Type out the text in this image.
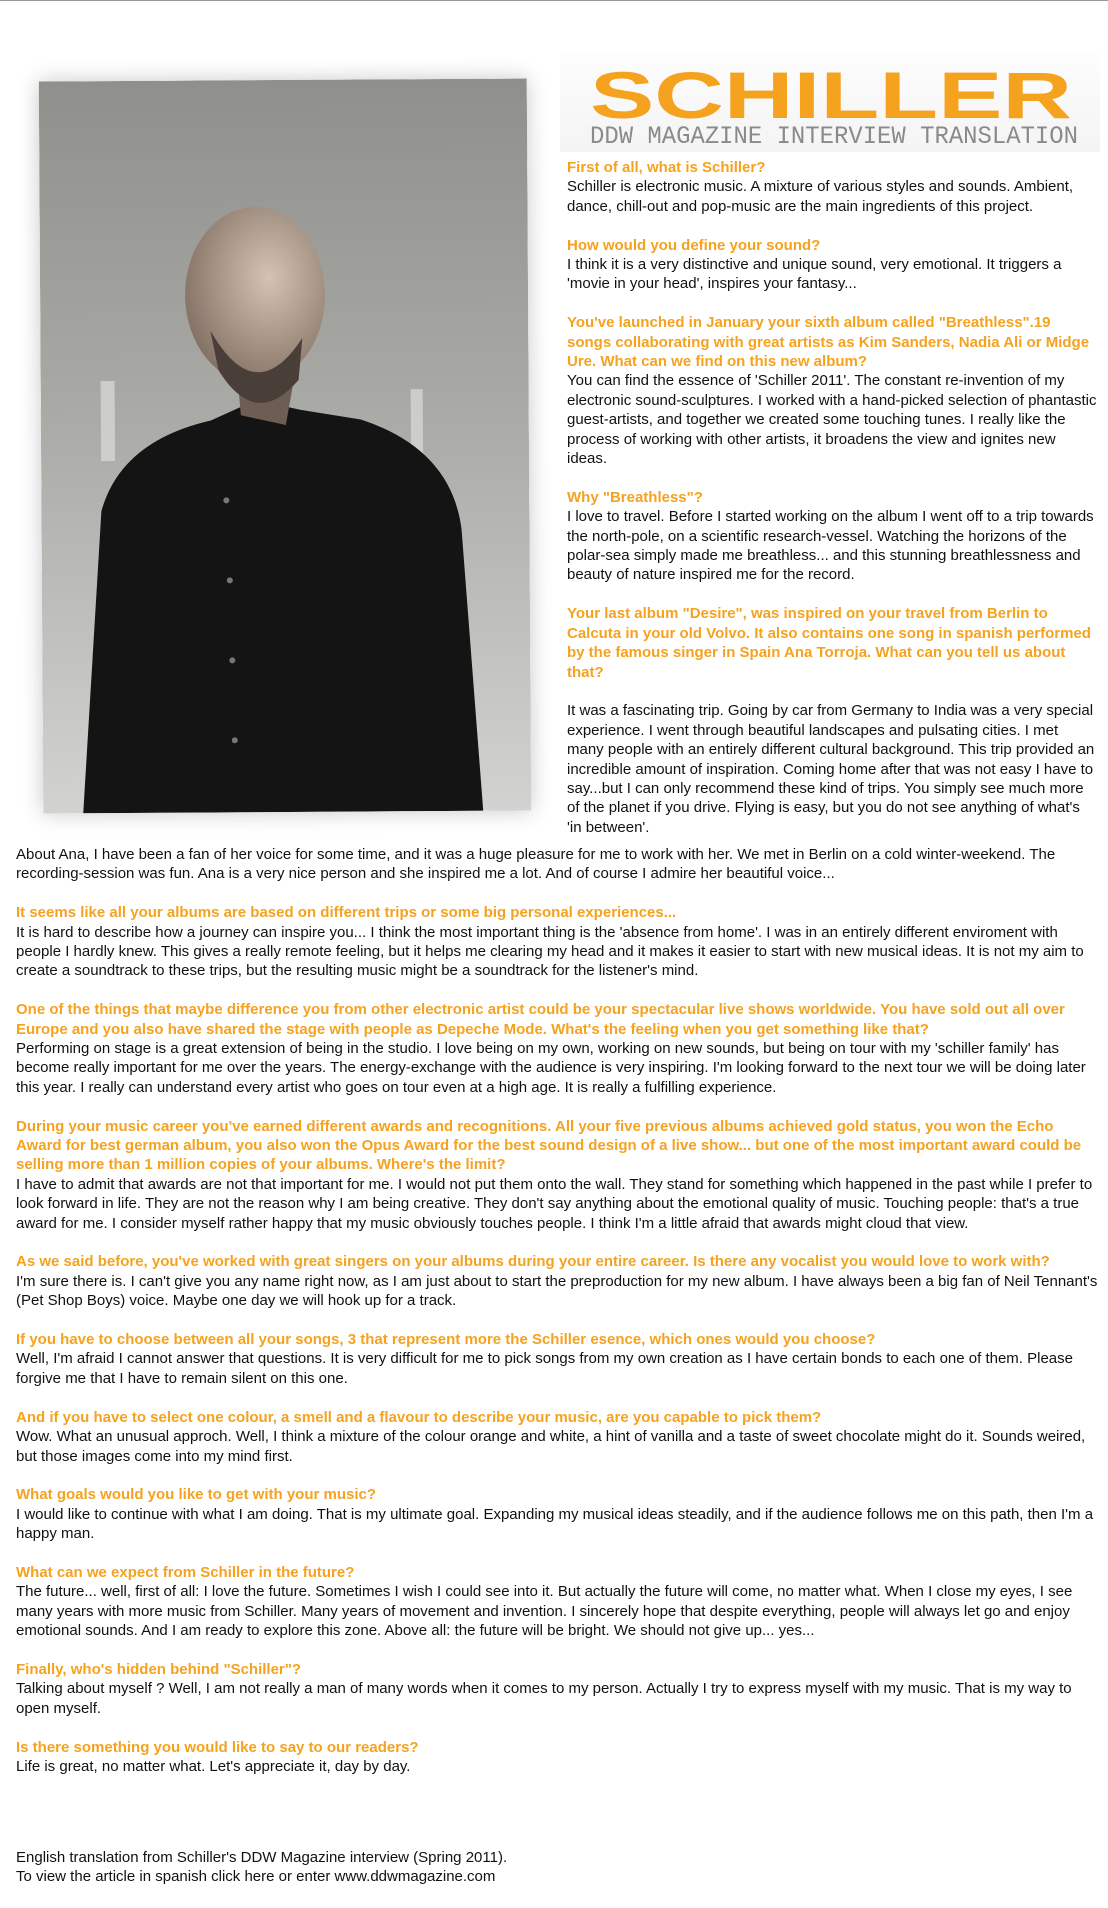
SCHILLER
DDW MAGAZINE INTERVIEW TRANSLATION

First of all, what is Schiller?

Schiller is electronic music. A mixture of various styles and sounds. Ambient, dance, chill-out and pop-music are the main ingredients of this project.

How would you define your sound?

I think it is a very distinctive and unique sound, very emotional. It triggers a 'movie in your head', inspires your fantasy...

You've launched in January your sixth album called "Breathless".19 songs collaborating with great artists as Kim Sanders, Nadia Ali or Midge Ure. What can we find on this new album?

You can find the essence of 'Schiller 2011'. The constant re-invention of my electronic sound-sculptures. I worked with a hand-picked selection of phantastic guest-artists, and together we created some touching tunes. I really like the process of working with other artists, it broadens the view and ignites new ideas.

Why "Breathless"?

I love to travel. Before I started working on the album I went off to a trip towards the north-pole, on a scientific research-vessel. Watching the horizons of the polar-sea simply made me breathless... and this stunning breathlessness and beauty of nature inspired me for the record.

Your last album "Desire", was inspired on your travel from Berlin to Calcuta in your old Volvo. It also contains one song in spanish performed by the famous singer in Spain Ana Torroja. What can you tell us about that?

It was a fascinating trip. Going by car from Germany to India was a very special experience. I went through beautiful landscapes and pulsating cities. I met many people with an entirely different cultural background. This trip provided an incredible amount of inspiration. Coming home after that was not easy I have to say...but I can only recommend these kind of trips. You simply see much more of the planet if you drive. Flying is easy, but you do not see anything of what's 'in between'.

About Ana, I have been a fan of her voice for some time, and it was a huge pleasure for me to work with her. We met in Berlin on a cold winter-weekend. The recording-session was fun. Ana is a very nice person and she inspired me a lot. And of course I admire her beautiful voice...

It seems like all your albums are based on different trips or some big personal experiences...

It is hard to describe how a journey can inspire you... I think the most important thing is the 'absence from home'. I was in an entirely different enviroment with people I hardly knew. This gives a really remote feeling, but it helps me clearing my head and it makes it easier to start with new musical ideas. It is not my aim to create a soundtrack to these trips, but the resulting music might be a soundtrack for the listener's mind.

One of the things that maybe difference you from other electronic artist could be your spectacular live shows worldwide. You have sold out all over Europe and you also have shared the stage with people as Depeche Mode. What's the feeling when you get something like that?

Performing on stage is a great extension of being in the studio. I love being on my own, working on new sounds, but being on tour with my 'schiller family' has become really important for me over the years. The energy-exchange with the audience is very inspiring. I'm looking forward to the next tour we will be doing later this year. I really can understand every artist who goes on tour even at a high age. It is really a fulfilling experience.

During your music career you've earned different awards and recognitions. All your five previous albums achieved gold status, you won the Echo Award for best german album, you also won the Opus Award for the best sound design of a live show... but one of the most important award could be selling more than 1 million copies of your albums. Where's the limit?

I have to admit that awards are not that important for me. I would not put them onto the wall. They stand for something which happened in the past while I prefer to look forward in life. They are not the reason why I am being creative. They don't say anything about the emotional quality of music. Touching people: that's a true award for me. I consider myself rather happy that my music obviously touches people. I think I'm a little afraid that awards might cloud that view.

As we said before, you've worked with great singers on your albums during your entire career. Is there any vocalist you would love to work with?

I'm sure there is. I can't give you any name right now, as I am just about to start the preproduction for my new album. I have always been a big fan of Neil Tennant's (Pet Shop Boys) voice. Maybe one day we will hook up for a track.

If you have to choose between all your songs, 3 that represent more the Schiller esence, which ones would you choose?

Well, I'm afraid I cannot answer that questions. It is very difficult for me to pick songs from my own creation as I have certain bonds to each one of them. Please forgive me that I have to remain silent on this one.

And if you have to select one colour, a smell and a flavour to describe your music, are you capable to pick them?

Wow. What an unusual approch. Well, I think a mixture of the colour orange and white, a hint of vanilla and a taste of sweet chocolate might do it. Sounds weired, but those images come into my mind first.

What goals would you like to get with your music?

I would like to continue with what I am doing. That is my ultimate goal. Expanding my musical ideas steadily, and if the audience follows me on this path, then I'm a happy man.

What can we expect from Schiller in the future?

The future... well, first of all: I love the future. Sometimes I wish I could see into it. But actually the future will come, no matter what. When I close my eyes, I see many years with more music from Schiller. Many years of movement and invention. I sincerely hope that despite everything, people will always let go and enjoy emotional sounds. And I am ready to explore this zone. Above all: the future will be bright. We should not give up... yes...

Finally, who's hidden behind "Schiller"?

Talking about myself ? Well, I am not really a man of many words when it comes to my person. Actually I try to express myself with my music. That is my way to open myself.

Is there something you would like to say to our readers?

Life is great, no matter what. Let's appreciate it, day by day.

English translation from Schiller's DDW Magazine interview (Spring 2011).

To view the article in spanish click here or enter www.ddwmagazine.com
